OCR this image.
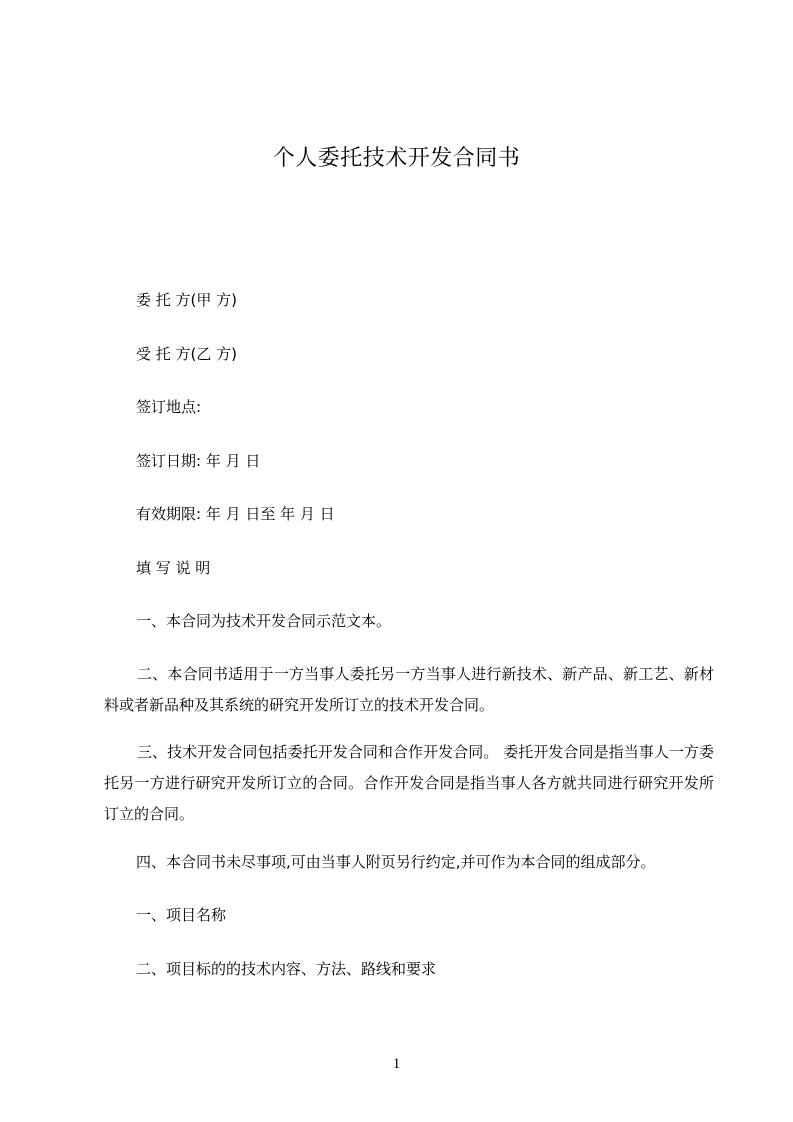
个人委托技术开发合同书
委 托 方(甲 方)
受 托 方(乙 方)
签订地点:
签订日期: 年 月 日
有效期限: 年 月 日至 年 月 日
填 写 说 明
一、本合同为技术开发合同示范文本。
二、本合同书适用于一方当事人委托另一方当事人进行新技术、新产品、新工艺、新材料或者新品种及其系统的研究开发所订立的技术开发合同。
三、技术开发合同包括委托开发合同和合作开发合同。 委托开发合同是指当事人一方委托另一方进行研究开发所订立的合同。合作开发合同是指当事人各方就共同进行研究开发所订立的合同。
四、本合同书未尽事项,可由当事人附页另行约定,并可作为本合同的组成部分。
一、项目名称
二、项目标的的技术内容、方法、路线和要求
1
